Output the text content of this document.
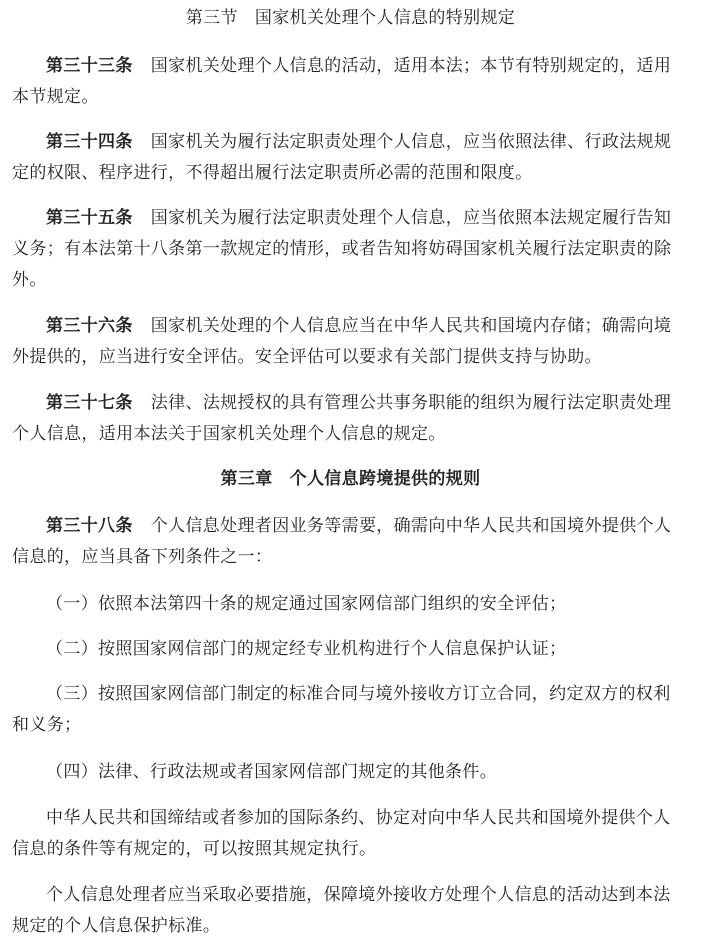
第三节 国家机关处理个人信息的特别规定
第三十三条 国家机关处理个人信息的活动，适用本法；本节有特别规定的，适用
本节规定。
第三十四条 国家机关为履行法定职责处理个人信息，应当依照法律、行政法规规
定的权限、程序进行，不得超出履行法定职责所必需的范围和限度。
第三十五条 国家机关为履行法定职责处理个人信息，应当依照本法规定履行告知
义务；有本法第十八条第一款规定的情形，或者告知将妨碍国家机关履行法定职责的除
外。
第三十六条 国家机关处理的个人信息应当在中华人民共和国境内存储；确需向境
外提供的，应当进行安全评估。安全评估可以要求有关部门提供支持与协助。
第三十七条 法律、法规授权的具有管理公共事务职能的组织为履行法定职责处理
个人信息，适用本法关于国家机关处理个人信息的规定。
第三章 个人信息跨境提供的规则
第三十八条 个人信息处理者因业务等需要，确需向中华人民共和国境外提供个人
信息的，应当具备下列条件之一：
（一）依照本法第四十条的规定通过国家网信部门组织的安全评估；
（二）按照国家网信部门的规定经专业机构进行个人信息保护认证；
（三）按照国家网信部门制定的标准合同与境外接收方订立合同，约定双方的权利
和义务；
（四）法律、行政法规或者国家网信部门规定的其他条件。
中华人民共和国缔结或者参加的国际条约、协定对向中华人民共和国境外提供个人
信息的条件等有规定的，可以按照其规定执行。
个人信息处理者应当采取必要措施，保障境外接收方处理个人信息的活动达到本法
规定的个人信息保护标准。
